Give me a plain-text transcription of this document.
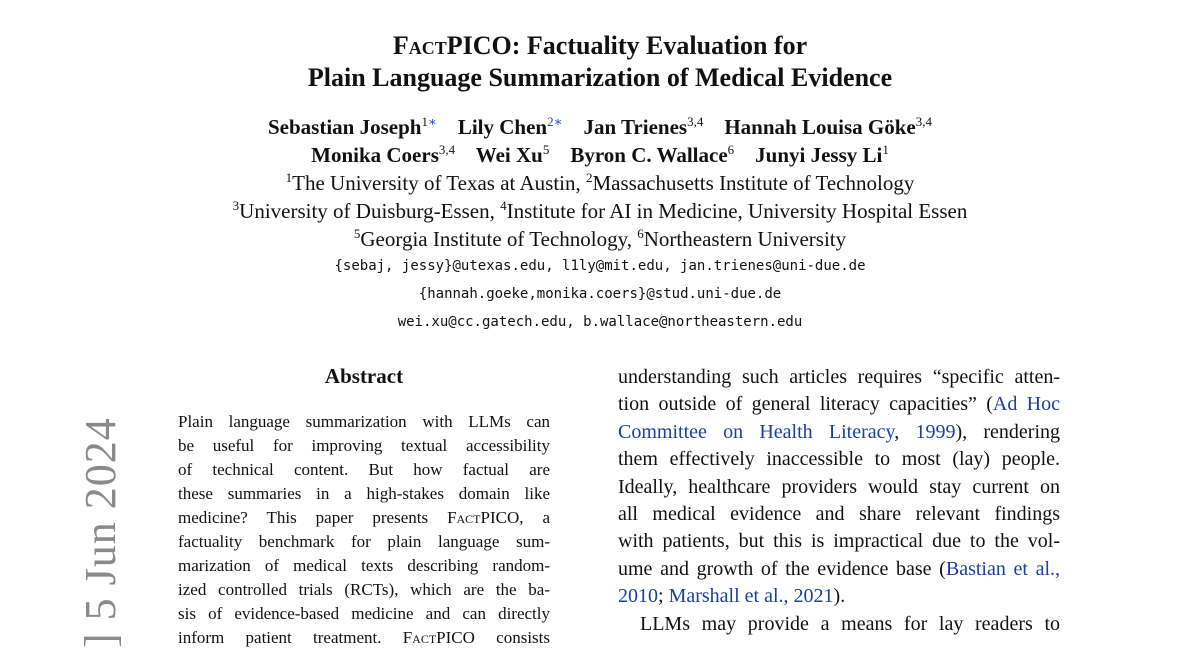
FactPICO: Factuality Evaluation for
Plain Language Summarization of Medical Evidence
Sebastian Joseph$^{1∗}$ Lily Chen$^{2∗}$ Jan Trienes$^{3,4}$ Hannah Louisa Göke$^{3,4}$
Monika Coers$^{3,4}$ Wei Xu$^5$ Byron C. Wallace$^6$ Junyi Jessy Li$^1$
$^1$The University of Texas at Austin, $^2$Massachusetts Institute of Technology
$^3$University of Duisburg-Essen, $^4$Institute for AI in Medicine, University Hospital Essen
$^5$Georgia Institute of Technology, $^6$Northeastern University
{sebaj, jessy}@utexas.edu, l1ly@mit.edu, jan.trienes@uni-due.de
{hannah.goeke,monika.coers}@stud.uni-due.de
wei.xu@cc.gatech.edu, b.wallace@northeastern.edu
Abstract
Plain language summarization with LLMs can
be useful for improving textual accessibility
of technical content. But how factual are
these summaries in a high-stakes domain like
medicine? This paper presents FactPICO, a
factuality benchmark for plain language sum-
marization of medical texts describing random-
ized controlled trials (RCTs), which are the ba-
sis of evidence-based medicine and can directly
inform patient treatment. FactPICO consists
understanding such articles requires “specific atten-
tion outside of general literacy capacities” (Ad Hoc
Committee on Health Literacy, 1999), rendering
them effectively inaccessible to most (lay) people.
Ideally, healthcare providers would stay current on
all medical evidence and share relevant findings
with patients, but this is impractical due to the vol-
ume and growth of the evidence base (Bastian et al.,
2010; Marshall et al., 2021).
LLMs may provide a means for lay readers to
] 5 Jun 2024
